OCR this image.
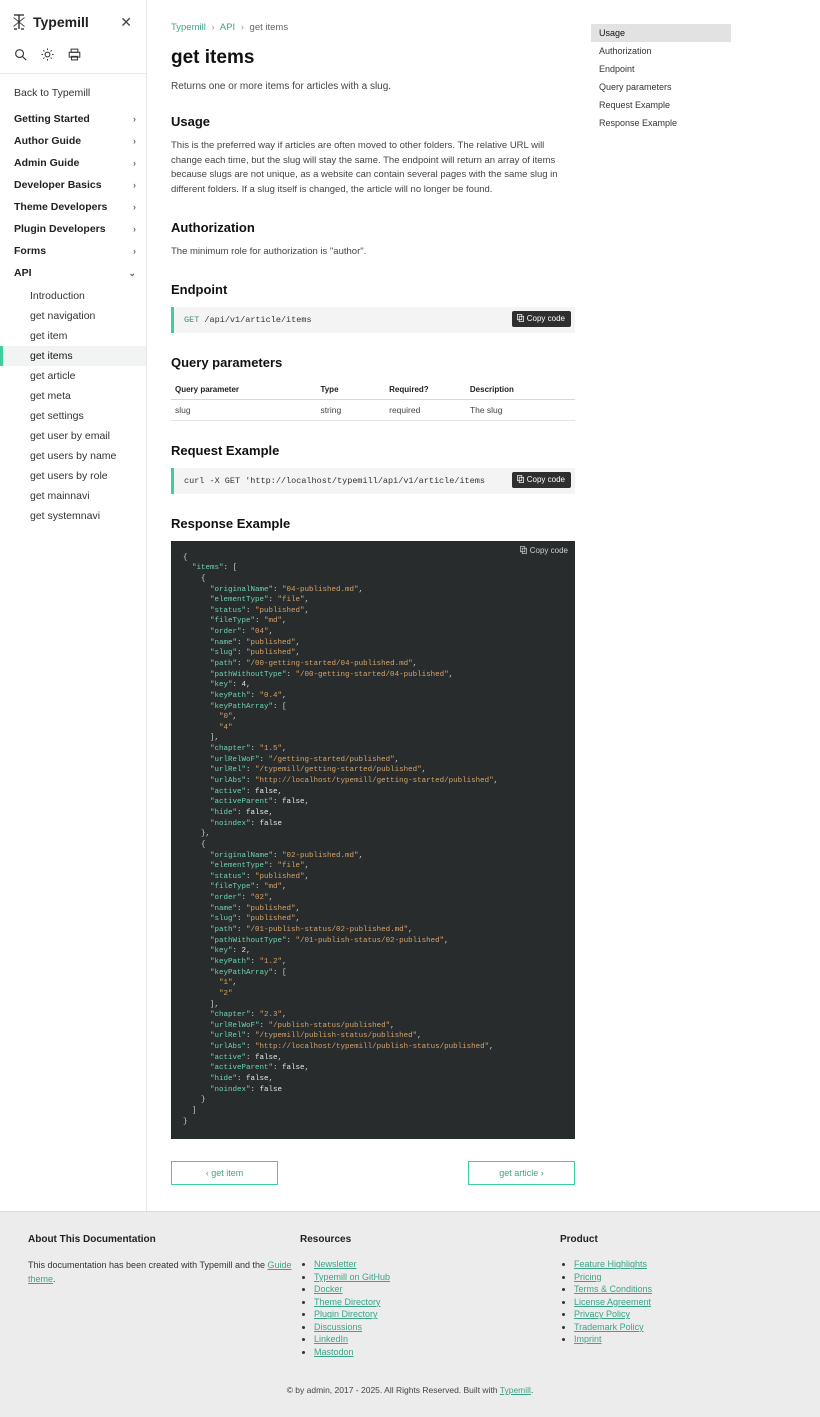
Typemill ✕
Back to Typemill
Getting Started	›
Author Guide	›
Admin Guide	›
Developer Basics	›
Theme Developers	›
Plugin Developers	›
Forms	›
API	⌄
Introduction
get navigation
get item
get items
get article
get meta
get settings
get user by email
get users by name
get users by role
get mainnavi
get systemnavi
Typemill › API › get items
get items

Returns one or more items for articles with a slug.

Usage

This is the preferred way if articles are often moved to other folders. The relative URL will change each time, but the slug will stay the same. The endpoint will return an array of items because slugs are not unique, as a website can contain several pages with the same slug in different folders. If a slug itself is changed, the article will no longer be found.

Authorization

The minimum role for authorization is "author".

Endpoint
GET /api/v1/article/items	Copy code
Query parameters
Query parameter	Type	Required?	Description
slug	string	required	The slug
Request Example
curl -X GET 'http://localhost/typemill/api/v1/article/items	Copy code
Response Example
Copy code
{
"items": [
{
"originalName": "04-published.md",
"elementType": "file",
"status": "published",
"fileType": "md",
"order": "04",
"name": "published",
"slug": "published",
"path": "/00-getting-started/04-published.md",
"pathWithoutType": "/00-getting-started/04-published",
"key": 4,
"keyPath": "0.4",
"keyPathArray": [
"0",
"4"
],
"chapter": "1.5",
"urlRelWoF": "/getting-started/published",
"urlRel": "/typemill/getting-started/published",
"urlAbs": "http://localhost/typemill/getting-started/published",
"active": false,
"activeParent": false,
"hide": false,
"noindex": false
},
{
"originalName": "02-published.md",
"elementType": "file",
"status": "published",
"fileType": "md",
"order": "02",
"name": "published",
"slug": "published",
"path": "/01-publish-status/02-published.md",
"pathWithoutType": "/01-publish-status/02-published",
"key": 2,
"keyPath": "1.2",
"keyPathArray": [
"1",
"2"
],
"chapter": "2.3",
"urlRelWoF": "/publish-status/published",
"urlRel": "/typemill/publish-status/published",
"urlAbs": "http://localhost/typemill/publish-status/published",
"active": false,
"activeParent": false,
"hide": false,
"noindex": false
}
]
}
‹ get item	get article ›
Usage
Authorization
Endpoint
Query parameters
Request Example
Response Example
About This Documentation
This documentation has been created with Typemill and the Guide theme.
Resources
• Newsletter
• Typemill on GitHub
• Docker
• Theme Directory
• Plugin Directory
• Discussions
• LinkedIn
• Mastodon
Product
• Feature Highlights
• Pricing
• Terms & Conditions
• License Agreement
• Privacy Policy
• Trademark Policy
• Imprint
© by admin, 2017 - 2025. All Rights Reserved. Built with Typemill.
